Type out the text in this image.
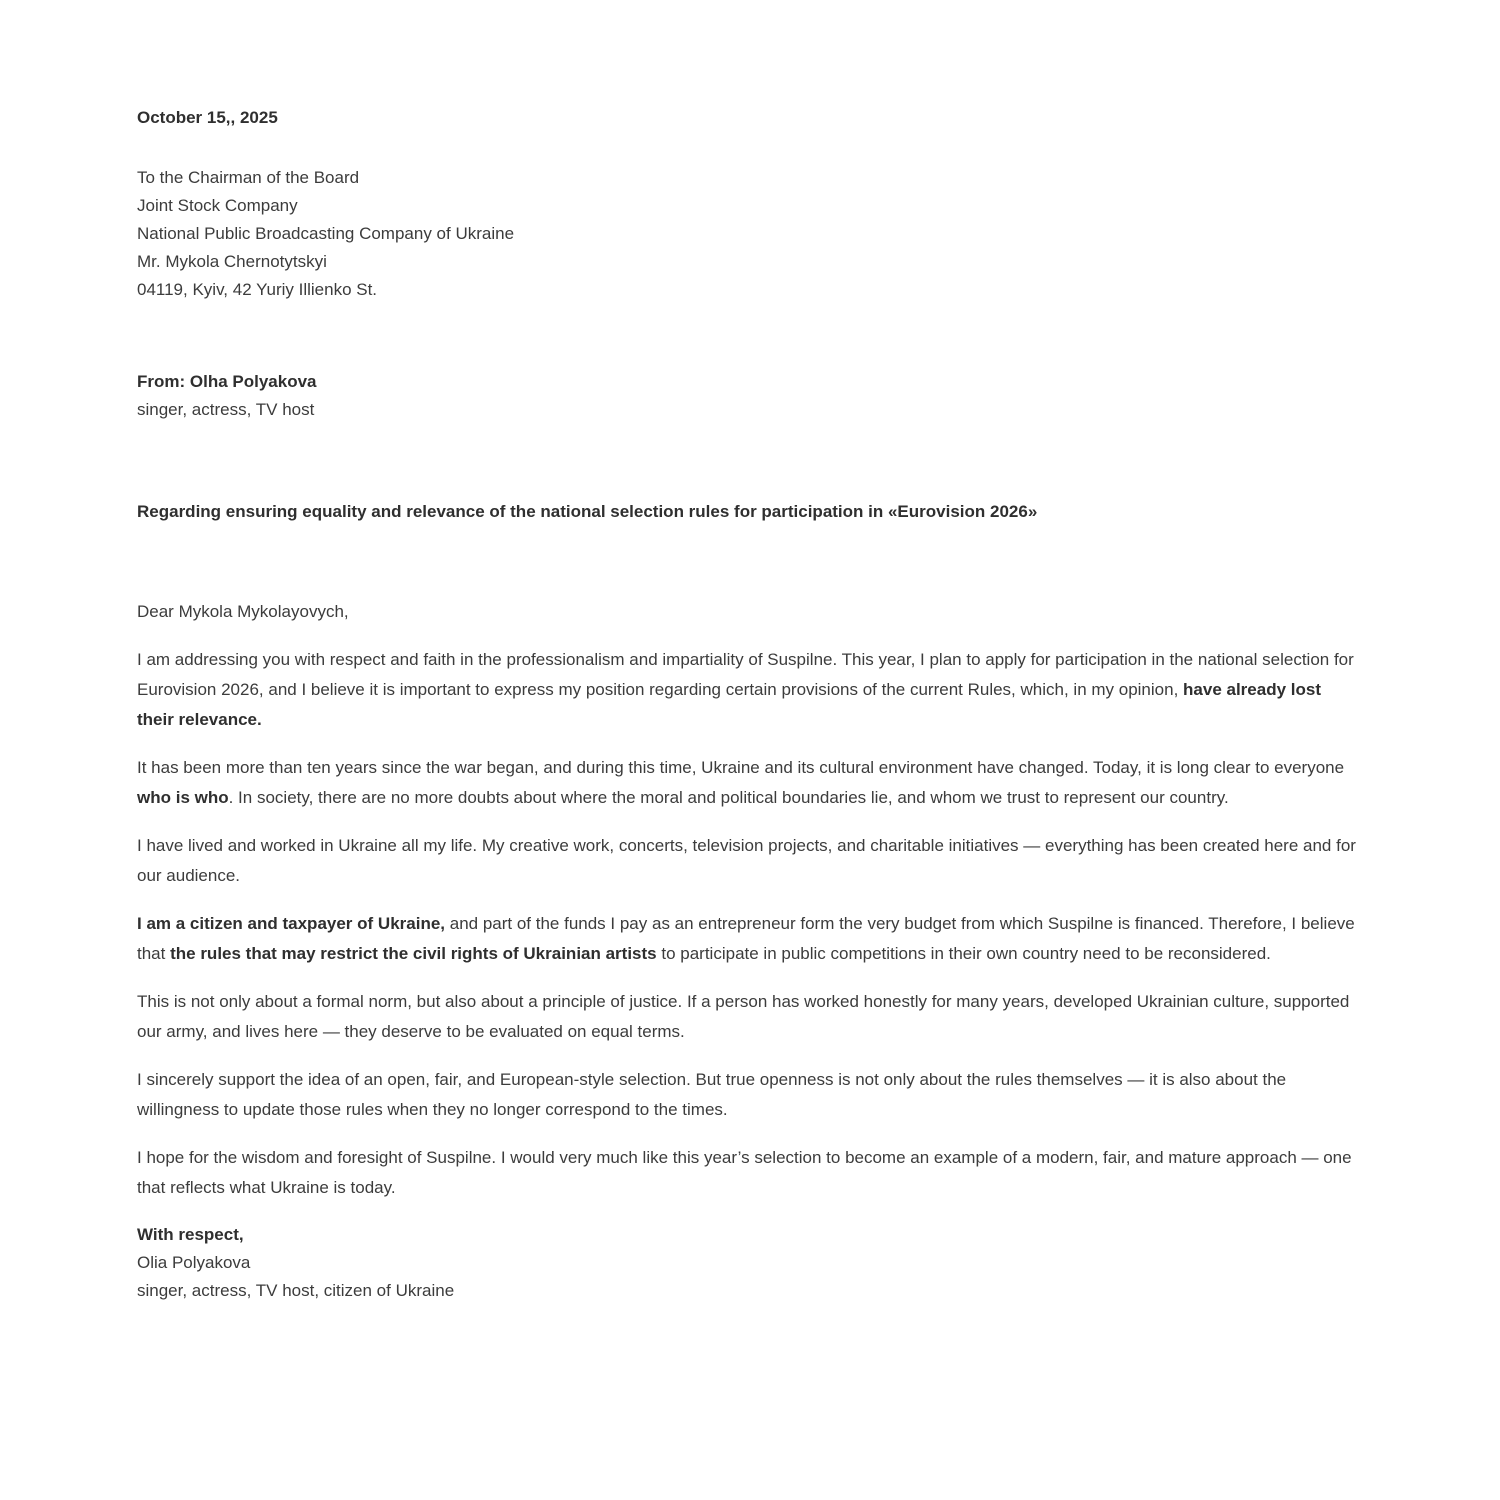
October 15,, 2025
To the Chairman of the Board
Joint Stock Company
National Public Broadcasting Company of Ukraine
Mr. Mykola Chernotytskyi
04119, Kyiv, 42 Yuriy Illienko St.
From: Olha Polyakova
singer, actress, TV host
Regarding ensuring equality and relevance of the national selection rules for participation in «Eurovision 2026»

Dear Mykola Mykolayovych,

I am addressing you with respect and faith in the professionalism and impartiality of Suspilne. This year, I plan to apply for participation in the national selection for Eurovision 2026, and I believe it is important to express my position regarding certain provisions of the current Rules, which, in my opinion, have already lost their relevance.

It has been more than ten years since the war began, and during this time, Ukraine and its cultural environment have changed. Today, it is long clear to everyone who is who. In society, there are no more doubts about where the moral and political boundaries lie, and whom we trust to represent our country.

I have lived and worked in Ukraine all my life. My creative work, concerts, television projects, and charitable initiatives — everything has been created here and for our audience.

I am a citizen and taxpayer of Ukraine, and part of the funds I pay as an entrepreneur form the very budget from which Suspilne is financed. Therefore, I believe that the rules that may restrict the civil rights of Ukrainian artists to participate in public competitions in their own country need to be reconsidered.

This is not only about a formal norm, but also about a principle of justice. If a person has worked honestly for many years, developed Ukrainian culture, supported our army, and lives here — they deserve to be evaluated on equal terms.

I sincerely support the idea of an open, fair, and European-style selection. But true openness is not only about the rules themselves — it is also about the willingness to update those rules when they no longer correspond to the times.

I hope for the wisdom and foresight of Suspilne. I would very much like this year’s selection to become an example of a modern, fair, and mature approach — one that reflects what Ukraine is today.

With respect,
Olia Polyakova
singer, actress, TV host, citizen of Ukraine
